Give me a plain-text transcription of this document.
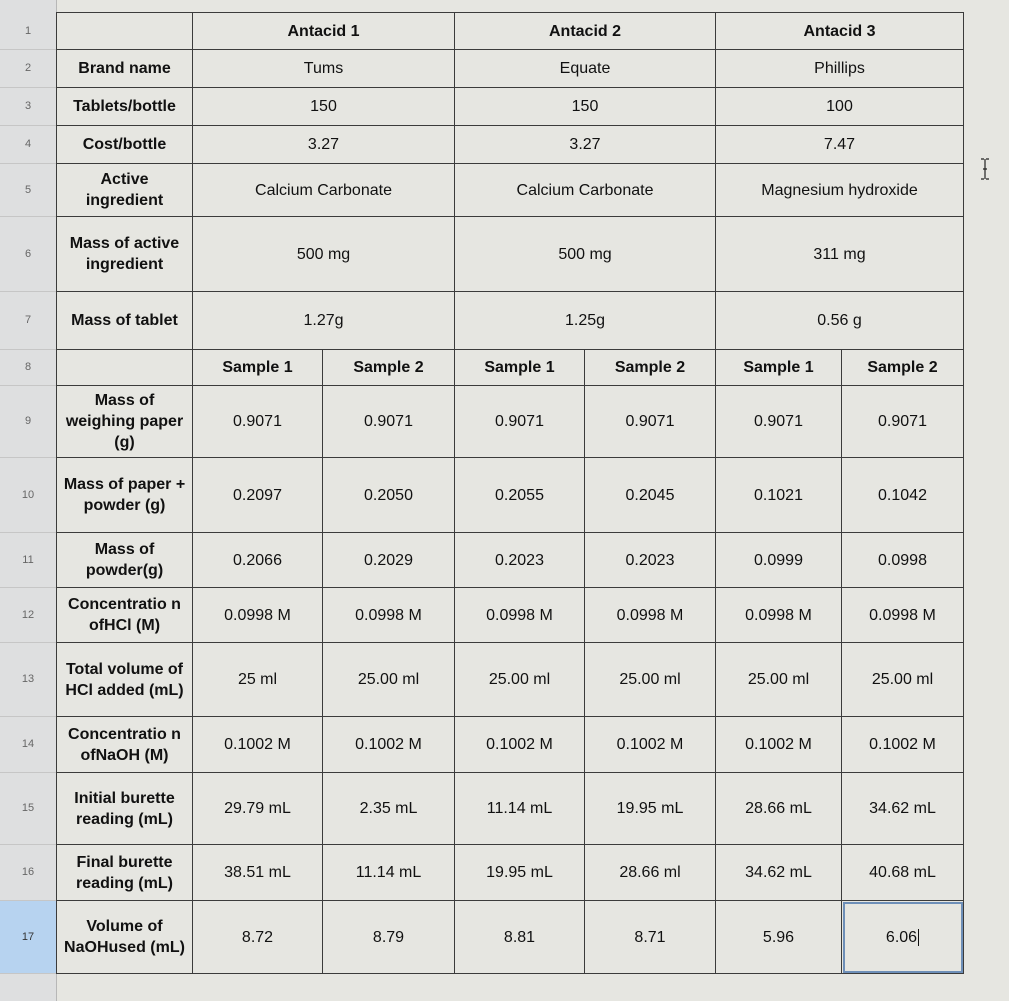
1
2
3
4
5
6
7
8
9
10
11
12
13
14
15
16
17
	Antacid 1		Antacid 2		Antacid 3	
Brand name	Tums		Equate		Phillips	
Tablets/bottle	150		150		100	
Cost/bottle	3.27		3.27		7.47	
Active ingredient	Calcium Carbonate		Calcium Carbonate		Magnesium hydroxide	
Mass of active ingredient	500 mg		500 mg		311 mg	
Mass of tablet	1.27g		1.25g		0.56 g	
	Sample 1	Sample 2	Sample 1	Sample 2	Sample 1	Sample 2
Mass of weighing paper (g)	0.9071	0.9071	0.9071	0.9071	0.9071	0.9071
Mass of paper + powder (g)	0.2097	0.2050	0.2055	0.2045	0.1021	0.1042
Mass of powder(g)	0.2066	0.2029	0.2023	0.2023	0.0999	0.0998
Concentratio n ofHCl (M)	0.0998 M	0.0998 M	0.0998 M	0.0998 M	0.0998 M	0.0998 M
Total volume of HCl added (mL)	25 ml	25.00 ml	25.00 ml	25.00 ml	25.00 ml	25.00 ml
Concentratio n ofNaOH (M)	0.1002 M	0.1002 M	0.1002 M	0.1002 M	0.1002 M	0.1002 M
Initial burette reading (mL)	29.79 mL	2.35 mL	11.14 mL	19.95 mL	28.66 mL	34.62 mL
Final burette reading (mL)	38.51 mL	11.14 mL	19.95 mL	28.66 ml	34.62 mL	40.68 mL
Volume of NaOHused (mL)	8.72	8.79	8.81	8.71	5.96	6.06
